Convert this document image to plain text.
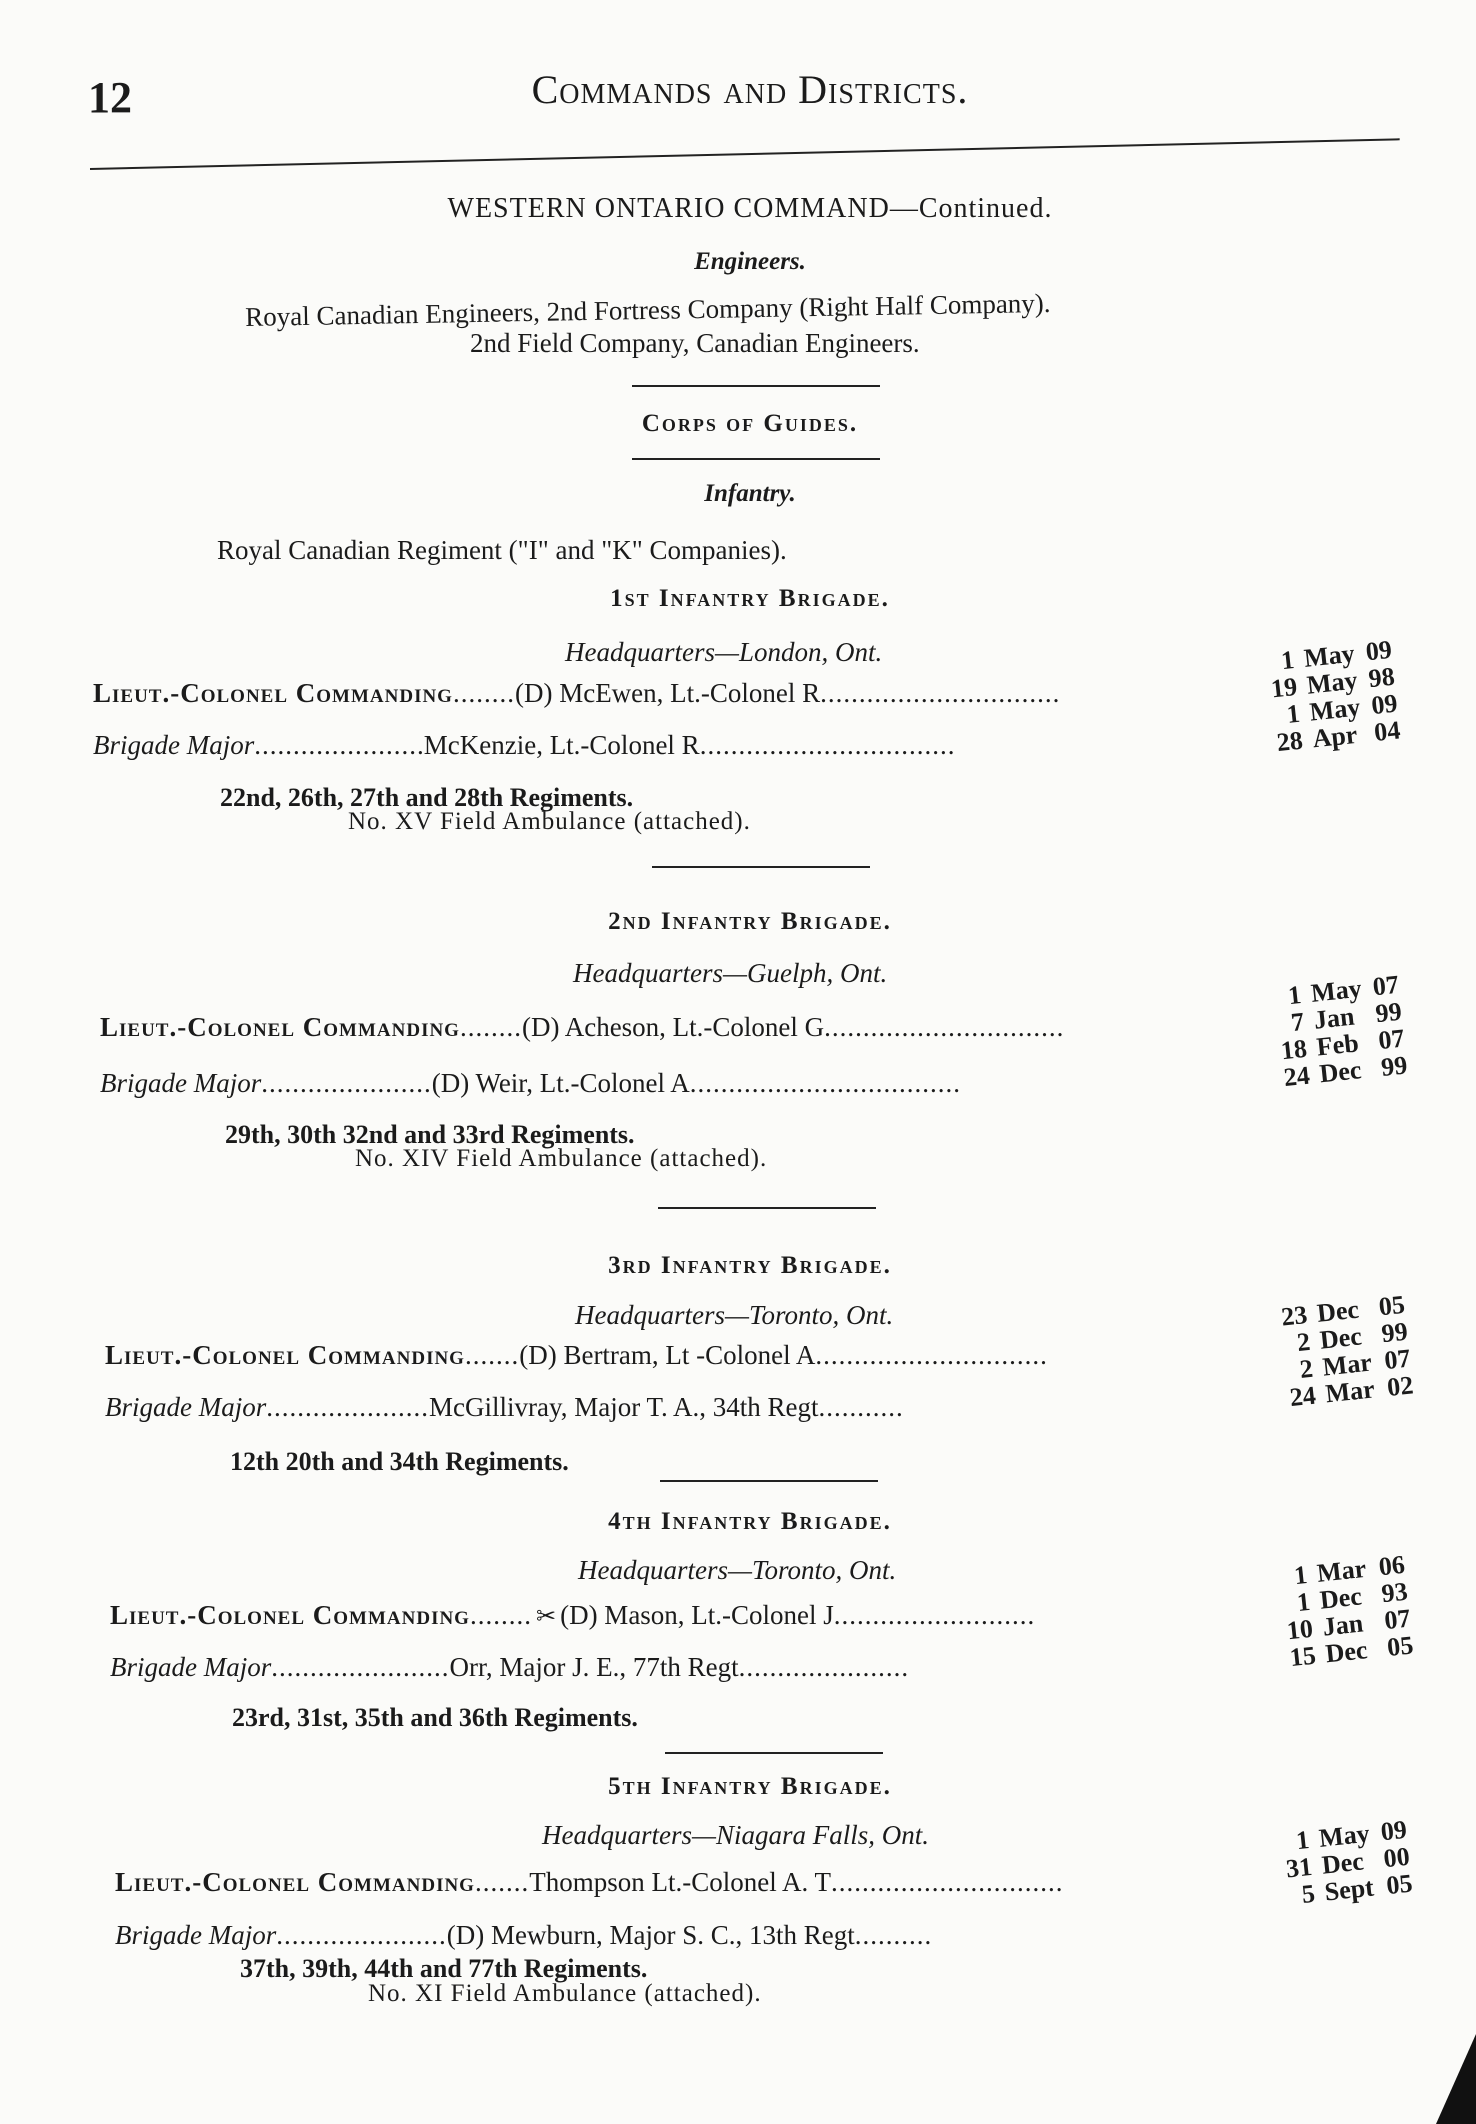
12	Commands and Districts.
WESTERN ONTARIO COMMAND—Continued.
Engineers.
Royal Canadian Engineers, 2nd Fortress Company (Right Half Company).
2nd Field Company, Canadian Engineers.
Corps of Guides.
Infantry.
Royal Canadian Regiment ("I" and "K" Companies).
1st Infantry Brigade.
Headquarters—London, Ont.
Lieut.-Colonel Commanding........(D) McEwen, Lt.-Colonel R...............................
Brigade Major......................McKenzie, Lt.-Colonel R.................................
1 May 09
19 May 98
1 May 09
28 Apr 04
22nd, 26th, 27th and 28th Regiments.
No. XV Field Ambulance (attached).
2nd Infantry Brigade.
Headquarters—Guelph, Ont.
Lieut.-Colonel Commanding........(D) Acheson, Lt.-Colonel G...............................
Brigade Major......................(D) Weir, Lt.-Colonel A...................................
1 May 07
7 Jan 99
18 Feb 07
24 Dec 99
29th, 30th 32nd and 33rd Regiments.
No. XIV Field Ambulance (attached).
3rd Infantry Brigade.
Headquarters—Toronto, Ont.
Lieut.-Colonel Commanding.......(D) Bertram, Lt -Colonel A..............................
Brigade Major.....................McGillivray, Major T. A., 34th Regt...........
23 Dec 05
2 Dec 99
2 Mar 07
24 Mar 02
12th 20th and 34th Regiments.
4th Infantry Brigade.
Headquarters—Toronto, Ont.
Lieut.-Colonel Commanding........ ✂ (D) Mason, Lt.-Colonel J..........................
Brigade Major.......................Orr, Major J. E., 77th Regt......................
1 Mar 06
1 Dec 93
10 Jan 07
15 Dec 05
23rd, 31st, 35th and 36th Regiments.
5th Infantry Brigade.
Headquarters—Niagara Falls, Ont.
Lieut.-Colonel Commanding.......Thompson Lt.-Colonel A. T..............................
Brigade Major......................(D) Mewburn, Major S. C., 13th Regt..........
1 May 09
31 Dec 00
5 Sept 05
37th, 39th, 44th and 77th Regiments.
No. XI Field Ambulance (attached).
